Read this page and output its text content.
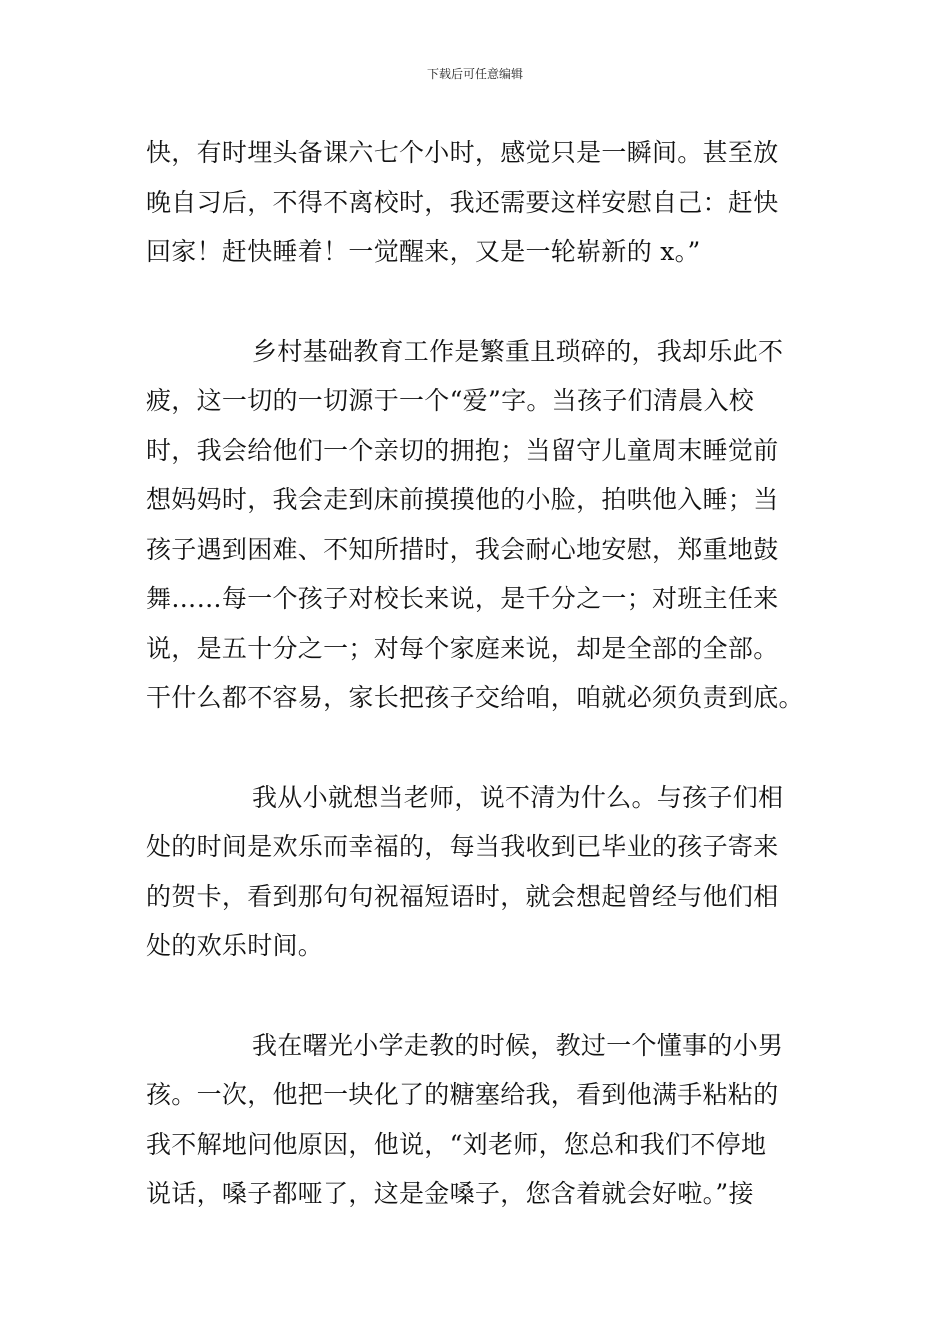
下载后可任意编辑
快，有时埋头备课六七个小时，感觉只是一瞬间。甚至放
晚自习后，不得不离校时，我还需要这样安慰自己：赶快
回家！赶快睡着！一觉醒来，又是一轮崭新的 x。”
乡村基础教育工作是繁重且琐碎的，我却乐此不
疲，这一切的一切源于一个“爱”字。当孩子们清晨入校
时，我会给他们一个亲切的拥抱；当留守儿童周末睡觉前
想妈妈时，我会走到床前摸摸他的小脸，拍哄他入睡；当
孩子遇到困难、不知所措时，我会耐心地安慰，郑重地鼓
舞……每一个孩子对校长来说，是千分之一；对班主任来
说，是五十分之一；对每个家庭来说，却是全部的全部。
干什么都不容易，家长把孩子交给咱，咱就必须负责到底。
我从小就想当老师，说不清为什么。与孩子们相
处的时间是欢乐而幸福的，每当我收到已毕业的孩子寄来
的贺卡，看到那句句祝福短语时，就会想起曾经与他们相
处的欢乐时间。
我在曙光小学走教的时候，教过一个懂事的小男
孩。一次，他把一块化了的糖塞给我，看到他满手粘粘的
我不解地问他原因，他说，“刘老师，您总和我们不停地
说话，嗓子都哑了，这是金嗓子，您含着就会好啦。”接
